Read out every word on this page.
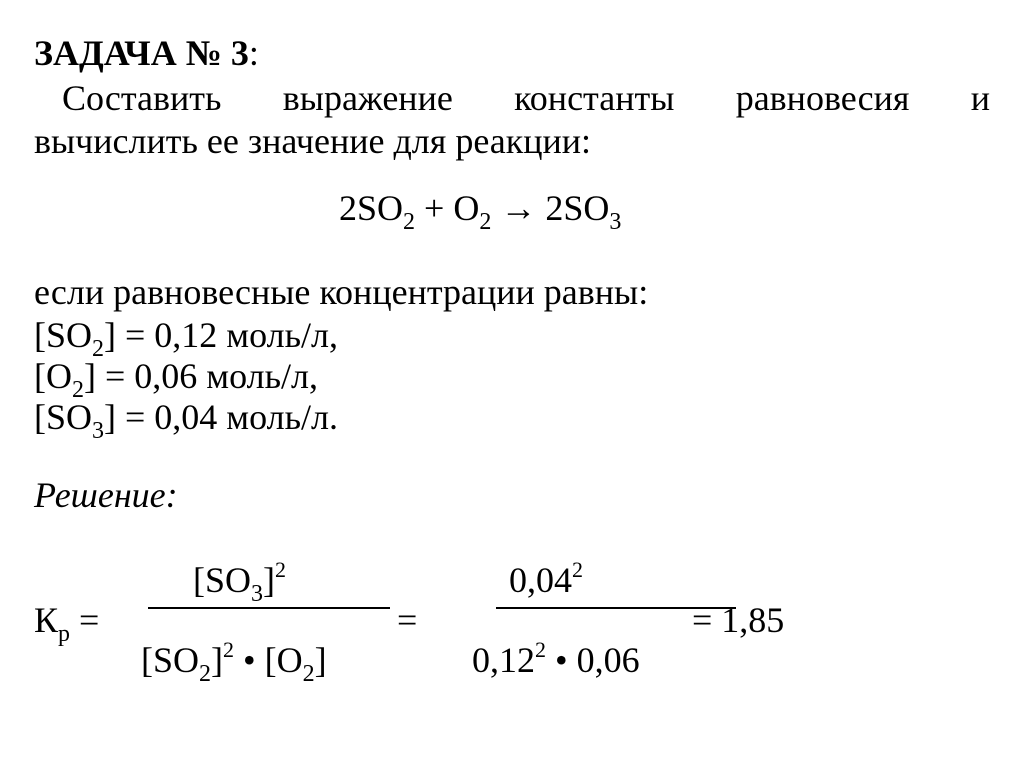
ЗАДАЧА № 3:
Составить выражение константы равновесия и
вычислить ее значение для реакции:
$2SO_2 + O_2 \to 2SO_3$
если равновесные концентрации равны:
$[SO_2] = 0,12$ моль/л,
$[O_2] = 0,06$ моль/л,
$[SO_3] = 0,04$ моль/л.
Решение:
$[SO_3]^2$
$[SO_2]^2$ • $[O_2]$
$К_р$ =	=
$0,04^2$
0,12$^2$ • 0,06
= 1,85
